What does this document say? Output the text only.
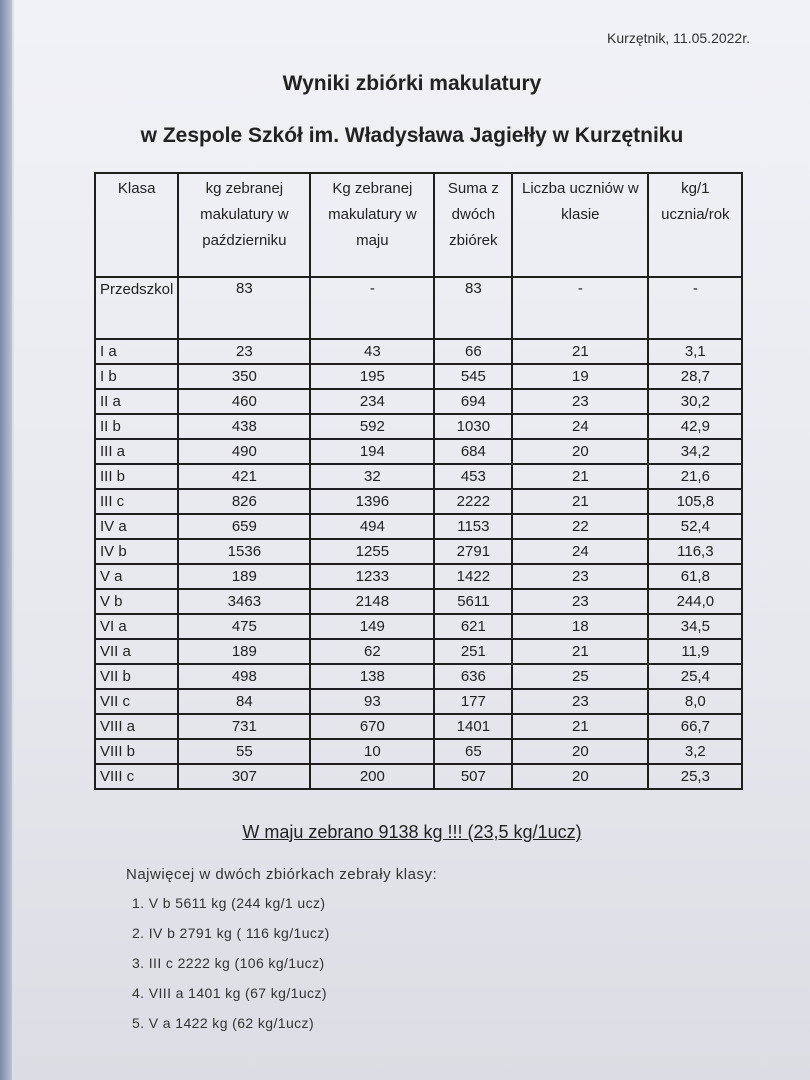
Kurzętnik, 11.05.2022r.
Wyniki zbiórki makulatury
w Zespole Szkół im. Władysława Jagiełły w Kurzętniku
Klasa	kg zebranej makulatury w październiku	Kg zebranej makulatury w maju	Suma z dwóch zbiórek	Liczba uczniów w klasie	kg/1 ucznia/rok
Przedszkol	83	-	83	-	-
I a	23	43	66	21	3,1
I b	350	195	545	19	28,7
II a	460	234	694	23	30,2
II b	438	592	1030	24	42,9
III a	490	194	684	20	34,2
III b	421	32	453	21	21,6
III c	826	1396	2222	21	105,8
IV a	659	494	1153	22	52,4
IV b	1536	1255	2791	24	116,3
V a	189	1233	1422	23	61,8
V b	3463	2148	5611	23	244,0
VI a	475	149	621	18	34,5
VII a	189	62	251	21	11,9
VII b	498	138	636	25	25,4
VII c	84	93	177	23	8,0
VIII a	731	670	1401	21	66,7
VIII b	55	10	65	20	3,2
VIII c	307	200	507	20	25,3
W maju zebrano 9138 kg !!! (23,5 kg/1ucz)
Najwięcej w dwóch zbiórkach zebrały klasy:
1. V b 5611 kg (244 kg/1 ucz)
2. IV b 2791 kg ( 116 kg/1ucz)
3. III c 2222 kg (106 kg/1ucz)
4. VIII a 1401 kg (67 kg/1ucz)
5. V a 1422 kg (62 kg/1ucz)
